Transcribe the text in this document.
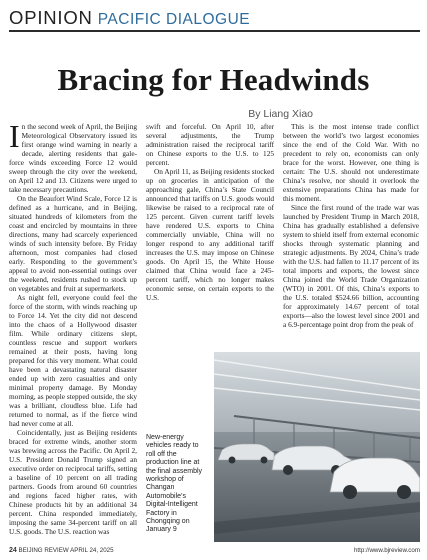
OPINION PACIFIC DIALOGUE
Bracing for Headwinds
By Liang Xiao

In the second week of April, the Beijing Meteorological Observatory issued its first orange wind warning in nearly a decade, alerting residents that gale-force winds exceeding Force 12 would sweep through the city over the weekend, on April 12 and 13. Citizens were urged to take necessary precautions.

On the Beaufort Wind Scale, Force 12 is defined as a hurricane, and in Beijing, situated hundreds of kilometers from the coast and encircled by mountains in three directions, many had scarcely experienced winds of such intensity before. By Friday afternoon, most companies had closed early. Responding to the government’s appeal to avoid non-essential outings over the weekend, residents rushed to stock up on vegetables and fruit at supermarkets.

As night fell, everyone could feel the force of the storm, with winds reaching up to Force 14. Yet the city did not descend into the chaos of a Hollywood disaster film. While ordinary citizens slept, countless rescue and support workers remained at their posts, having long prepared for this very moment. What could have been a devastating natural disaster ended up with zero casualties and only minimal property damage. By Monday morning, as people stepped outside, the sky was a brilliant, cloudless blue. Life had returned to normal, as if the fierce wind had never come at all.

Coincidentally, just as Beijing residents braced for extreme winds, another storm was brewing across the Pacific. On April 2, U.S. President Donald Trump signed an executive order on reciprocal tariffs, setting a baseline of 10 percent on all trading partners. Goods from around 60 countries and regions faced higher rates, with Chinese products hit by an additional 34 percent. China responded immediately, imposing the same 34-percent tariff on all U.S. goods. The U.S. reaction was

swift and forceful. On April 10, after several adjustments, the Trump administration raised the reciprocal tariff on Chinese exports to the U.S. to 125 percent.

On April 11, as Beijing residents stocked up on groceries in anticipation of the approaching gale, China’s State Council announced that tariffs on U.S. goods would likewise be raised to a reciprocal rate of 125 percent. Given current tariff levels have rendered U.S. exports to China commercially unviable, China will no longer respond to any additional tariff increases the U.S. may impose on Chinese goods. On April 15, the White House claimed that China would face a 245-percent tariff, which no longer makes economic sense, on certain exports to the U.S.

This is the most intense trade conflict between the world’s two largest economies since the end of the Cold War. With no precedent to rely on, economists can only brace for the worst. However, one thing is certain: The U.S. should not underestimate China’s resolve, nor should it overlook the extensive preparations China has made for this moment.

Since the first round of the trade war was launched by President Trump in March 2018, China has gradually established a defensive system to shield itself from external economic shocks through systematic planning and strategic adjustments. By 2024, China’s trade with the U.S. had fallen to 11.17 percent of its total imports and exports, the lowest since China joined the World Trade Organization (WTO) in 2001. Of this, China’s exports to the U.S. totaled $524.66 billion, accounting for approximately 14.67 percent of total exports—also the lowest level since 2001 and a 6.9-percentage point drop from the peak of

New-energy vehicles ready to roll off the production line at the final assembly workshop of Changan Automobile’s Digital-Intelligent Factory in Chongqing on January 9
24 BEIJING REVIEW APRIL 24, 2025	http://www.bjreview.com
